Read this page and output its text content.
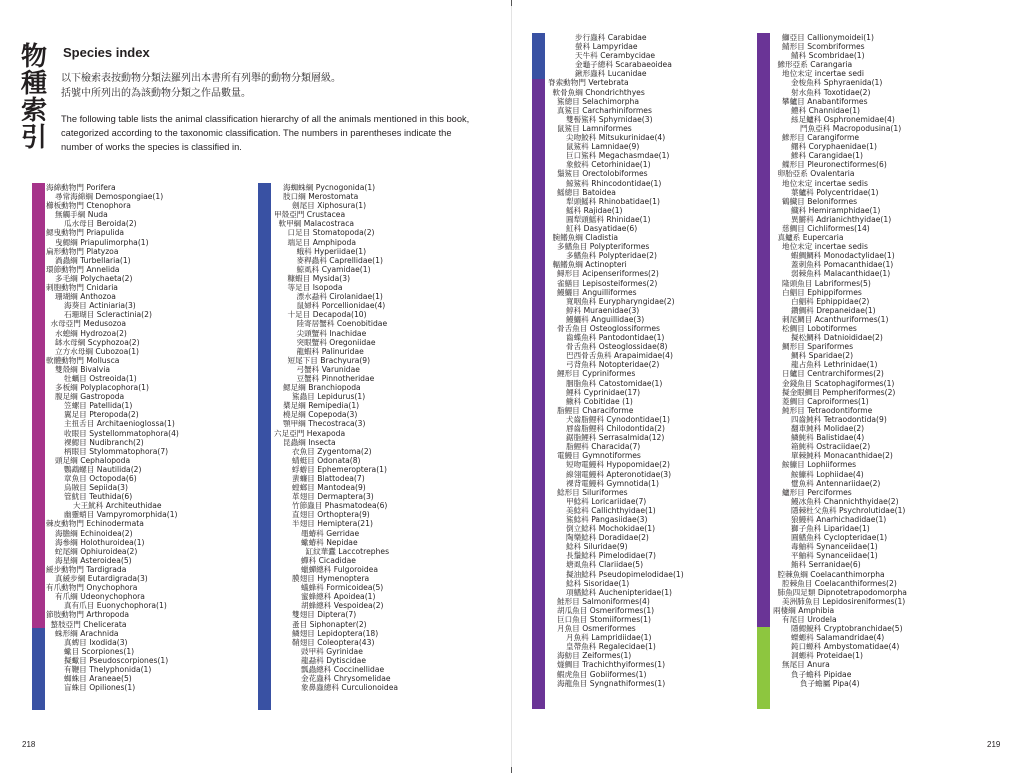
物
種
索
引
Species index
以下檢索表按動物分類法羅列出本書所有列舉的動物分類層級。
括號中所列出的為該動物分類之作品數量。
The following table lists the animal classification hierarchy of all the animals mentioned in this book,
categorized according to the taxonomic classification. The numbers in parentheses indicate the
number of works the species is classified in.
海綿動物門 Porifera
尋常海綿綱 Demospongiae(1)
櫛板動物門 Ctenophora
無觸手綱 Nuda
瓜水母目 Beroida(2)
鰓曳動物門 Priapulida
曳鰓綱 Priapulimorpha(1)
扁形動物門 Platyzoa
渦蟲綱 Turbellaria(1)
環節動物門 Annelida
多毛綱 Polychaeta(2)
刺胞動物門 Cnidaria
珊瑚綱 Anthozoa
海葵目 Actiniaria(3)
石珊瑚目 Scleractinia(2)
水母亞門 Medusozoa
水螅綱 Hydrozoa(2)
缽水母綱 Scyphozoa(2)
立方水母綱 Cubozoa(1)
軟體動物門 Mollusca
雙殼綱 Bivalvia
牡蠣目 Ostreoida(1)
多板綱 Polyplacophora(1)
腹足綱 Gastropoda
笠螺目 Patellida(1)
翼足目 Pteropoda(2)
主扭舌目 Architaenioglossa(1)
收眼目 Systellommatophora(4)
裸鰓目 Nudibranch(2)
柄眼目 Stylommatophora(7)
頭足綱 Cephalopoda
鸚鵡螺目 Nautilida(2)
章魚目 Octopoda(6)
烏賊目 Sepiida(3)
管魷目 Teuthida(6)
大王魷科 Architeuthidae
幽靈蛸目 Vampyromorphida(1)
棘皮動物門 Echinodermata
海膽綱 Echinoidea(2)
海參綱 Holothuroidea(1)
蛇尾綱 Ophiuroidea(2)
海星綱 Asteroidea(5)
緩步動物門 Tardigrada
真緩步綱 Eutardigrada(3)
有爪動物門 Onychophora
有爪綱 Udeonychophora
真有爪目 Euonychophora(1)
節肢動物門 Arthropoda
螯肢亞門 Chelicerata
蛛形綱 Arachnida
真蜱目 Ixodida(3)
蠍目 Scorpiones(1)
擬蠍目 Pseudoscorpiones(1)
有鞭目 Thelyphonida(1)
蜘蛛目 Araneae(5)
盲蛛目 Opiliones(1)
海蜘蛛綱 Pycnogonida(1)
肢口綱 Merostomata
劍尾目 Xiphosura(1)
甲殼亞門 Crustacea
軟甲綱 Malacostraca
口足目 Stomatopoda(2)
端足目 Amphipoda
蛾科 Hyperiidae(1)
麥稈蟲科 Caprellidae(1)
鯨虱科 Cyamidae(1)
糠蝦目 Mysida(3)
等足目 Isopoda
漂水蝨科 Cirolanidae(1)
鼠婦科 Porcellionidae(4)
十足目 Decapoda(10)
陸寄居蟹科 Coenobitidae
尖頭蟹科 Inachidae
突眼蟹科 Oregoniidae
龍蝦科 Palinuridae
短尾下目 Brachyura(9)
弓蟹科 Varunidae
豆蟹科 Pinnotheridae
鰓足綱 Branchiopoda
鯊蟲目 Lepidurus(1)
槳足綱 Remipedia(1)
橈足綱 Copepoda(3)
顎甲綱 Thecostraca(3)
六足亞門 Hexapoda
昆蟲綱 Insecta
衣魚目 Zygentoma(2)
蜻蜓目 Odonata(8)
蜉蝣目 Ephemeroptera(1)
蜚蠊目 Blattodea(7)
螳螂目 Mantodea(9)
革翅目 Dermaptera(3)
竹節蟲目 Phasmatodea(6)
直翅目 Orthoptera(9)
半翅目 Hemiptera(21)
黽蝽科 Gerridae
蠍蝽科 Nepidae
缸紋華蠹 Laccotrephes
蟬科 Cicadidae
蠟蟬總科 Fulgoroidea
膜翅目 Hymenoptera
蟻蜂科 Formicoidea(5)
蜜蜂總科 Apoidea(1)
胡蜂總科 Vespoidea(2)
雙翅目 Diptera(7)
蚤目 Siphonapter(2)
鱗翅目 Lepidoptera(18)
鞘翅目 Coleoptera(43)
豉甲科 Gyrinidae
龍蝨科 Dytiscidae
瓢蟲總科 Coccinellidae
金花蟲科 Chrysomelidae
象鼻蟲總科 Curculionoidea
步行蟲科 Carabidae
螢科 Lampyridae
天牛科 Cerambycidae
金龜子總科 Scarabaeoidea
鍬形蟲科 Lucanidae
脊索動物門 Vertebrata
軟骨魚綱 Chondrichthyes
鯊總目 Selachimorpha
真鯊目 Carcharhiniformes
雙髻鯊科 Sphyrnidae(3)
鼠鯊目 Lamniformes
尖吻鮫科 Mitsukurinidae(4)
鼠鯊科 Lamnidae(9)
巨口鯊科 Megachasmdae(1)
象鮫科 Cetorhinidae(1)
鬚鯊目 Orectolobiformes
鯨鯊科 Rhincodontidae(1)
鰩總目 Batoidea
犁頭鰩科 Rhinobatidae(1)
鰩科 Rajidae(1)
圓犁頭鰩科 Rhinidae(1)
魟科 Dasyatidae(6)
腕鰭魚綱 Cladistia
多鰭魚目 Polypteriformes
多鰭魚科 Polypteridae(2)
輻鰭魚綱 Actinopteri
鱘形目 Acipenseriformes(2)
雀鱔目 Lepisosteiformes(2)
鰻鱺目 Anguilliformes
寬咽魚科 Eurypharyngidae(2)
鯙科 Muraenidae(3)
鰻鱺科 Anguillidae(3)
骨舌魚目 Osteoglossiformes
齒蝶魚科 Pantodontidae(1)
骨舌魚科 Osteoglossidae(8)
巴西骨舌魚科 Arapaimidae(4)
弓背魚科 Notopteridae(2)
鯉形目 Cypriniformes
胭脂魚科 Catostomidae(1)
鯉科 Cyprinidae(17)
鰍科 Cobitidae (1)
脂鯉目 Characiforme
犬齒脂鯉科 Cynodontidae(1)
唇齒脂鯉科 Chilodontida(2)
鋸脂鯉科 Serrasalmida(12)
脂鯉科 Characida(7)
電鰻目 Gymnotiformes
短吻電鰻科 Hypopomidae(2)
線翎電鰻科 Apteronotidae(3)
裸背電鰻科 Gymnotida(1)
鯰形目 Siluriformes
甲鯰科 Loricariidae(7)
美鯰科 Callichthyidae(1)
鯊鯰科 Pangasiidae(3)
倒立鯰科 Mochokidae(1)
陶樂鯰科 Doradidae(2)
鯰科 Siluridae(9)
長鬚鯰科 Pimelodidae(7)
塘虱魚科 Clariidae(5)
擬油鯰科 Pseudopimelodidae(1)
鯰科 Sisoridae(1)
項鰭鯰科 Auchenipteridae(1)
鮭形目 Salmoniformes(4)
胡瓜魚目 Osmeriformes(1)
巨口魚目 Stomiiformes(1)
月魚目 Osmeriformes
月魚科 Lampridiidae(1)
皇帶魚科 Regalecidae(1)
海魴目 Zeiformes(1)
燧鯛目 Trachichthyiformes(1)
鰕虎魚目 Gobiiformes(1)
海龍魚目 Syngnathiformes(1)
鰤亞目 Callionymoidei(1)
鯖形目 Scombriformes
鯖科 Scombridae(1)
鰺形亞系 Carangaria
地位未定 incertae sedi
金梭魚科 Sphyraenida(1)
射水魚科 Toxotidae(2)
攀鱸目 Anabantiformes
鱧科 Channidae(1)
絲足鱸科 Osphronemidae(4)
鬥魚亞科 Macropodusina(1)
鰺形目 Carangiforme
鱰科 Coryphaenidae(1)
鰺科 Carangidae(1)
鰈形目 Pleuronectiformes(6)
卵胎亞系 Ovalentaria
地位未定 incertae sedis
葉鱸科 Polycentridae(1)
鶴鱵目 Beloniformes
鱵科 Hemiramphidae(1)
異鱂科 Adrianichthyidae(1)
慈鯛目 Cichliformes(14)
真鱸系 Eupercaria
地位未定 incertae sedis
蝦鯛鯛科 Monodactylidae(1)
蓋刺魚科 Pomacanthidae(1)
弱棘魚科 Malacanthidae(1)
隆頭魚目 Labriformes(5)
白鯧目 Ephippiformes
白鯧科 Ephippidae(2)
鑽鯛科 Drepaneidae(1)
刺尾鯛目 Acanthuriformes(1)
松鯛目 Lobotiformes
擬松鯛科 Datnioididae(2)
鯛形目 Spariformes
鯛科 Sparidae(2)
龍占魚科 Lethrinidae(1)
日鱸目 Centrarchiformes(2)
金錢魚目 Scatophagiformes(1)
擬金眼鯛目 Pempheriformes(2)
菱鯛目 Caproiformes(1)
魨形目 Tetraodontiforme
四齒魨科 Tetraodontida(9)
翻車魨科 Molidae(2)
鱗魨科 Balistidae(4)
箱魨科 Ostraciidae(2)
單棘魨科 Monacanthidae(2)
鮟鱇目 Lophiiformes
鮟鱇科 Lophiidae(4)
躄魚科 Antennariidae(2)
鱸形目 Perciformes
鰻冰魚科 Channichthyidae(2)
隱棘杜父魚科 Psychrolutidae(1)
狼鰻科 Anarhichadidae(1)
獅子魚科 Liparidae(1)
圓鰭魚科 Cyclopteridae(1)
毒鮋科 Synanceiidae(1)
平鮋科 Synanceiidae(1)
鮨科 Serranidae(6)
腔棘魚綱 Coelacanthimorpha
腔棘魚目 Coelacanthiformes(2)
肺魚四足類 Dipnotetrapodomorpha
美洲肺魚目 Lepidosireniformes(1)
兩棲綱 Amphibia
有尾目 Urodela
隱鰓鯢科 Cryptobranchidae(5)
蠑螈科 Salamandridae(4)
鈍口螈科 Ambystomatidae(4)
洞螈科 Proteidae(1)
無尾目 Anura
負子蟾科 Pipidae
負子蟾屬 Pipa(4)
218	219
